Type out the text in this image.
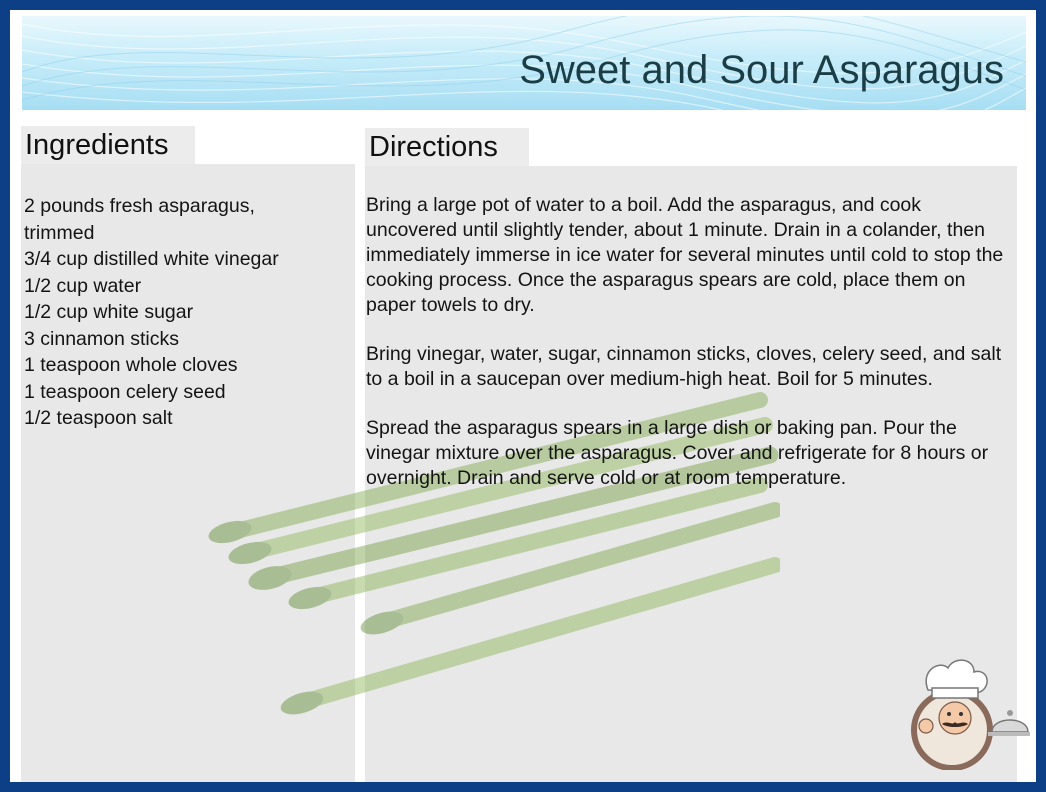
Sweet and Sour Asparagus
Ingredients	Directions
2 pounds fresh asparagus,
trimmed
3/4 cup distilled white vinegar
1/2 cup water
1/2 cup white sugar
3 cinnamon sticks
1 teaspoon whole cloves
1 teaspoon celery seed
1/2 teaspoon salt

Bring a large pot of water to a boil. Add the asparagus, and cook uncovered until slightly tender, about 1 minute. Drain in a colander, then immediately immerse in ice water for several minutes until cold to stop the cooking process. Once the asparagus spears are cold, place them on paper towels to dry.

Bring vinegar, water, sugar, cinnamon sticks, cloves, celery seed, and salt to a boil in a saucepan over medium-high heat. Boil for 5 minutes.

Spread the asparagus spears in a large dish or baking pan. Pour the vinegar mixture over the asparagus. Cover and refrigerate for 8 hours or overnight. Drain and serve cold or at room temperature.
